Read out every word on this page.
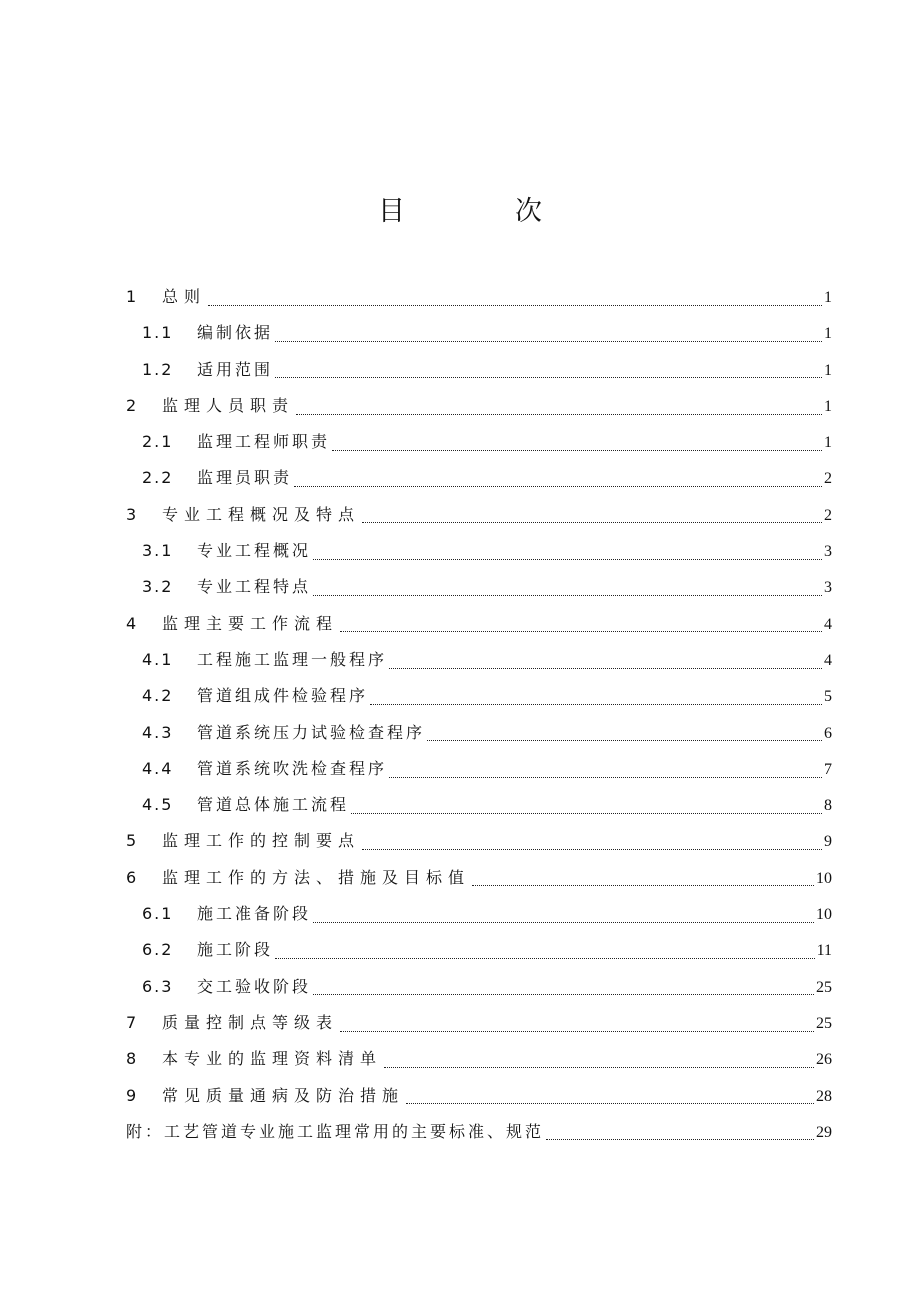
目次
1	总则	1
1.1	编制依据	1
1.2	适用范围	1
2	监理人员职责	1
2.1	监理工程师职责	1
2.2	监理员职责	2
3	专业工程概况及特点	2
3.1	专业工程概况	3
3.2	专业工程特点	3
4	监理主要工作流程	4
4.1	工程施工监理一般程序	4
4.2	管道组成件检验程序	5
4.3	管道系统压力试验检查程序	6
4.4	管道系统吹洗检查程序	7
4.5	管道总体施工流程	8
5	监理工作的控制要点	9
6	监理工作的方法、措施及目标值	10
6.1	施工准备阶段	10
6.2	施工阶段	11
6.3	交工验收阶段	25
7	质量控制点等级表	25
8	本专业的监理资料清单	26
9	常见质量通病及防治措施	28
附：工艺管道专业施工监理常用的主要标准、规范	29
